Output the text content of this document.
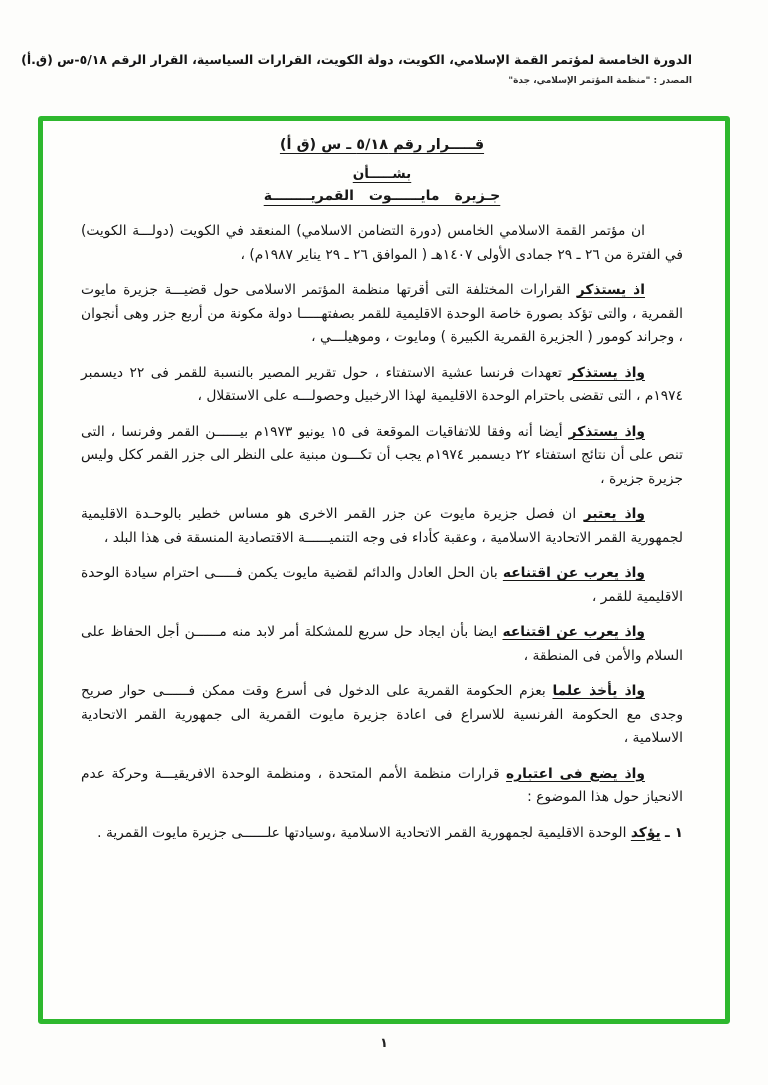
الدورة الخامسة لمؤتمر القمة الإسلامي، الكويت، دولة الكويت، القرارات السياسية، القرار الرقم ٥/١٨-س (ق.أ)
المصدر : "منظمة المؤتمر الإسلامي، جدة"
قـــــرار رقم ٥/١٨ ـ س (ق أ)
بشـــــأن
جـزيرة مايــــــوت القمريــــــــة

ان مؤتمر القمة الاسلامي الخامس (دورة التضامن الاسلامي) المنعقد في الكويت (دولـــة الكويت) في الفترة من ٢٦ ـ ٢٩ جمادى الأولى ١٤٠٧هـ ( الموافق ٢٦ ـ ٢٩ يناير ١٩٨٧م) ،

اذ يستذكر القرارات المختلفة التى أقرتها منظمة المؤتمر الاسلامى حول قضيـــة جزيرة مايوت القمرية ، والتى تؤكد بصورة خاصة الوحدة الاقليمية للقمر بصفتهـــــا دولة مكونة من أربع جزر وهى أنجوان ، وجراند كومور ( الجزيرة القمرية الكبيرة ) ومايوت ، وموهيلـــي ،

واذ يستذكر تعهدات فرنسا عشية الاستفتاء ، حول تقرير المصير بالنسبة للقمر فى ٢٢ ديسمبر ١٩٧٤م ، التى تقضى باحترام الوحدة الاقليمية لهذا الارخبيل وحصولـــه على الاستقلال ،

واذ يستذكر أيضا أنه وفقا للاتفاقيات الموقعة فى ١٥ يونيو ١٩٧٣م بيــــــن القمر وفرنسا ، التى تنص على أن نتائج استفتاء ٢٢ ديسمبر ١٩٧٤م يجب أن تكـــون مبنية على النظر الى جزر القمر ككل وليس جزيرة جزيرة ،

واذ يعتبر ان فصل جزيرة مايوت عن جزر القمر الاخرى هو مساس خطير بالوحـدة الاقليمية لجمهورية القمر الاتحادية الاسلامية ، وعقبة كأداء فى وجه التنميــــــة الاقتصادية المنسقة فى هذا البلد ،

واذ يعرب عن اقتناعه بان الحل العادل والدائم لقضية مايوت يكمن فـــــى احترام سيادة الوحدة الاقليمية للقمر ،

واذ يعرب عن اقتناعه ايضا بأن ايجاد حل سريع للمشكلة أمر لابد منه مــــــن أجل الحفاظ على السلام والأمن فى المنطقة ،

واذ يأخذ علما بعزم الحكومة القمرية على الدخول فى أسرع وقت ممكن فــــــى حوار صريح وجدى مع الحكومة الفرنسية للاسراع فى اعادة جزيرة مايوت القمرية الى جمهورية القمر الاتحادية الاسلامية ،

واذ يضع فى اعتباره قرارات منظمة الأمم المتحدة ، ومنظمة الوحدة الافريقيـــة وحركة عدم الانحياز حول هذا الموضوع :

١ ـ يؤكد الوحدة الاقليمية لجمهورية القمر الاتحادية الاسلامية ،وسيادتها علــــــى جزيرة مايوت القمرية .

١
